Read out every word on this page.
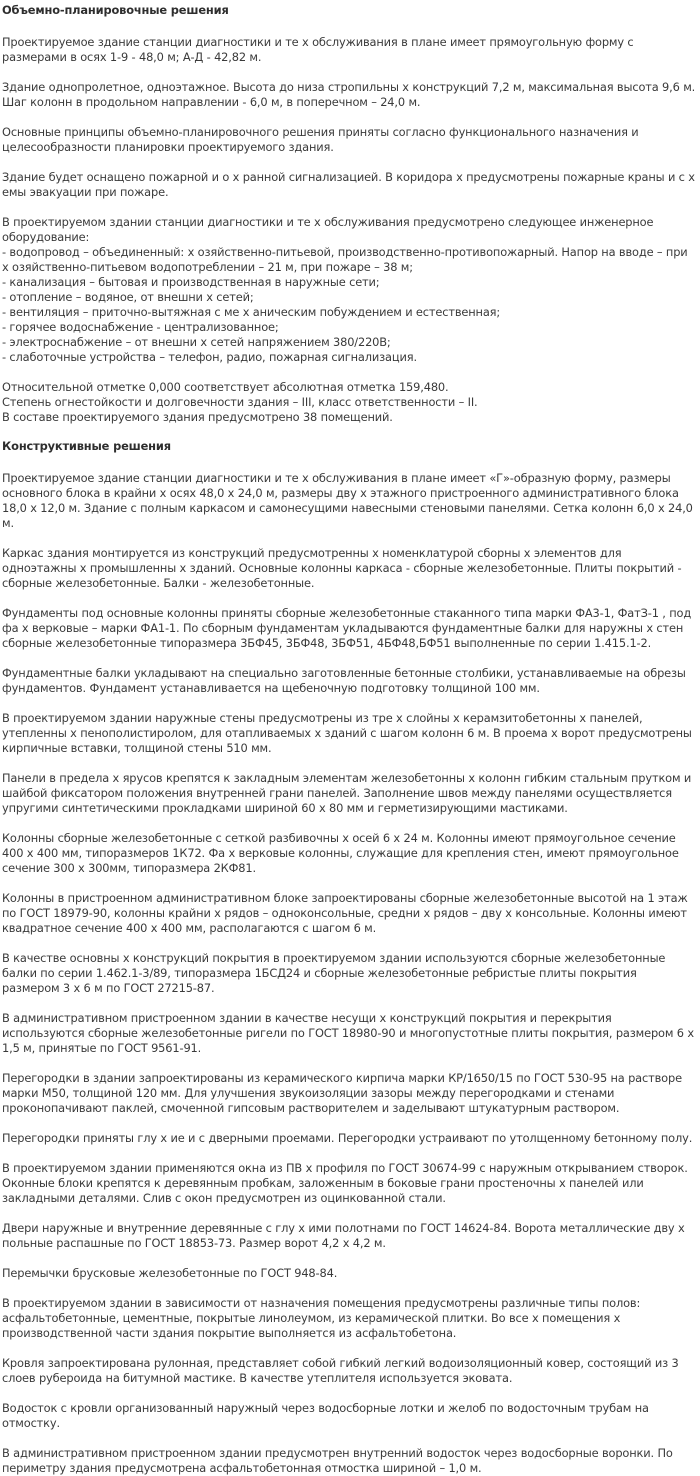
Объемно-планировочные решения

Проектируемое здание станции диагностики и те х обслуживания в плане имеет прямоугольную форму с размерами в осях 1-9 - 48,0 м; А-Д - 42,82 м.

Здание однопролетное, одноэтажное. Высота до низа стропильны х конструкций 7,2 м, максимальная высота 9,6 м. Шаг колонн в продольном направлении - 6,0 м, в поперечном – 24,0 м.

Основные принципы объемно-планировочного решения приняты согласно функционального назначения и целесообразности планировки проектируемого здания.

Здание будет оснащено пожарной и о х ранной сигнализацией. В коридора х предусмотрены пожарные краны и с х емы эвакуации при пожаре.

В проектируемом здании станции диагностики и те х обслуживания предусмотрено следующее инженерное оборудование:

- водопровод – объединенный: х озяйственно-питьевой, производственно-противопожарный. Напор на вводе – при х озяйственно-питьевом водопотреблении – 21 м, при пожаре – 38 м;
- канализация – бытовая и производственная в наружные сети;
- отопление – водяное, от внешни х сетей;
- вентиляция – приточно-вытяжная с ме х аническим побуждением и естественная;
- горячее водоснабжение - централизованное;
- электроснабжение – от внешни х сетей напряжением 380/220В;
- слаботочные устройства – телефон, радио, пожарная сигнализация.
Относительной отметке 0,000 соответствует абсолютная отметка 159,480.
Степень огнестойкости и долговечности здания – III, класс ответственности – II.
В составе проектируемого здания предусмотрено 38 помещений.
Конструктивные решения

Проектируемое здание станции диагностики и те х обслуживания в плане имеет «Г»-образную форму, размеры основного блока в крайни х осях 48,0 х 24,0 м, размеры дву х этажного пристроенного административного блока 18,0 х 12,0 м. Здание с полным каркасом и самонесущими навесными стеновыми панелями. Сетка колонн 6,0 х 24,0 м.

Каркас здания монтируется из конструкций предусмотренны х номенклатурой сборны х элементов для одноэтажны х промышленны х зданий. Основные колонны каркаса - сборные железобетонные. Плиты покрытий - сборные железобетонные. Балки - железобетонные.

Фундаменты под основные колонны приняты сборные железобетонные стаканного типа марки ФА3-1, ФатЗ-1 , под фа х верковые – марки ФА1-1. По сборным фундаментам укладываются фундаментные балки для наружны х стен сборные железобетонные типоразмера 3БФ45, 3БФ48, 3БФ51, 4БФ48,БФ51 выполненные по серии 1.415.1-2.

Фундаментные балки укладывают на специально заготовленные бетонные столбики, устанавливаемые на обрезы фундаментов. Фундамент устанавливается на щебеночную подготовку толщиной 100 мм.

В проектируемом здании наружные стены предусмотрены из тре х слойны х керамзитобетонны х панелей, утепленны х пенополистиролом, для отапливаемых х зданий с шагом колонн 6 м. В проема х ворот предусмотрены кирпичные вставки, толщиной стены 510 мм.

Панели в предела х ярусов крепятся к закладным элементам железобетонны х колонн гибким стальным прутком и шайбой фиксатором положения внутренней грани панелей. Заполнение швов между панелями осуществляется упругими синтетическими прокладками шириной 60 х 80 мм и герметизирующими мастиками.

Колонны сборные железобетонные с сеткой разбивочны х осей 6 х 24 м. Колонны имеют прямоугольное сечение 400 х 400 мм, типоразмеров 1К72. Фа х верковые колонны, служащие для крепления стен, имеют прямоугольное сечение 300 х 300мм, типоразмера 2КФ81.

Колонны в пристроенном административном блоке запроектированы сборные железобетонные высотой на 1 этаж по ГОСТ 18979-90, колонны крайни х рядов – одноконсольные, средни х рядов – дву х консольные. Колонны имеют квадратное сечение 400 х 400 мм, располагаются с шагом 6 м.

В качестве основны х конструкций покрытия в проектируемом здании используются сборные железобетонные балки по серии 1.462.1-3/89, типоразмера 1БСД24 и сборные железобетонные ребристые плиты покрытия размером 3 х 6 м по ГОСТ 27215-87.

В административном пристроенном здании в качестве несущи х конструкций покрытия и перекрытия используются сборные железобетонные ригели по ГОСТ 18980-90 и многопустотные плиты покрытия, размером 6 х 1,5 м, принятые по ГОСТ 9561-91.

Перегородки в здании запроектированы из керамического кирпича марки КР/1650/15 по ГОСТ 530-95 на растворе марки М50, толщиной 120 мм. Для улучшения звукоизоляции зазоры между перегородками и стенами проконопачивают паклей, смоченной гипсовым растворителем и заделывают штукатурным раствором.

Перегородки приняты глу х ие и с дверными проемами. Перегородки устраивают по утолщенному бетонному полу.

В проектируемом здании применяются окна из ПВ х профиля по ГОСТ 30674-99 с наружным открыванием створок. Оконные блоки крепятся к деревянным пробкам, заложенным в боковые грани простеночны х панелей или закладными деталями. Слив с окон предусмотрен из оцинкованной стали.

Двери наружные и внутренние деревянные с глу х ими полотнами по ГОСТ 14624-84. Ворота металлические дву х польные распашные по ГОСТ 18853-73. Размер ворот 4,2 х 4,2 м.

Перемычки брусковые железобетонные по ГОСТ 948-84.

В проектируемом здании в зависимости от назначения помещения предусмотрены различные типы полов: асфальтобетонные, цементные, покрытые линолеумом, из керамической плитки. Во все х помещения х производственной части здания покрытие выполняется из асфальтобетона.

Кровля запроектирована рулонная, представляет собой гибкий легкий водоизоляционный ковер, состоящий из 3 слоев рубероида на битумной мастике. В качестве утеплителя используется эковата.

Водосток с кровли организованный наружный через водосборные лотки и желоб по водосточным трубам на отмостку.

В административном пристроенном здании предусмотрен внутренний водосток через водосборные воронки. По периметру здания предусмотрена асфальтобетонная отмостка шириной – 1,0 м.
